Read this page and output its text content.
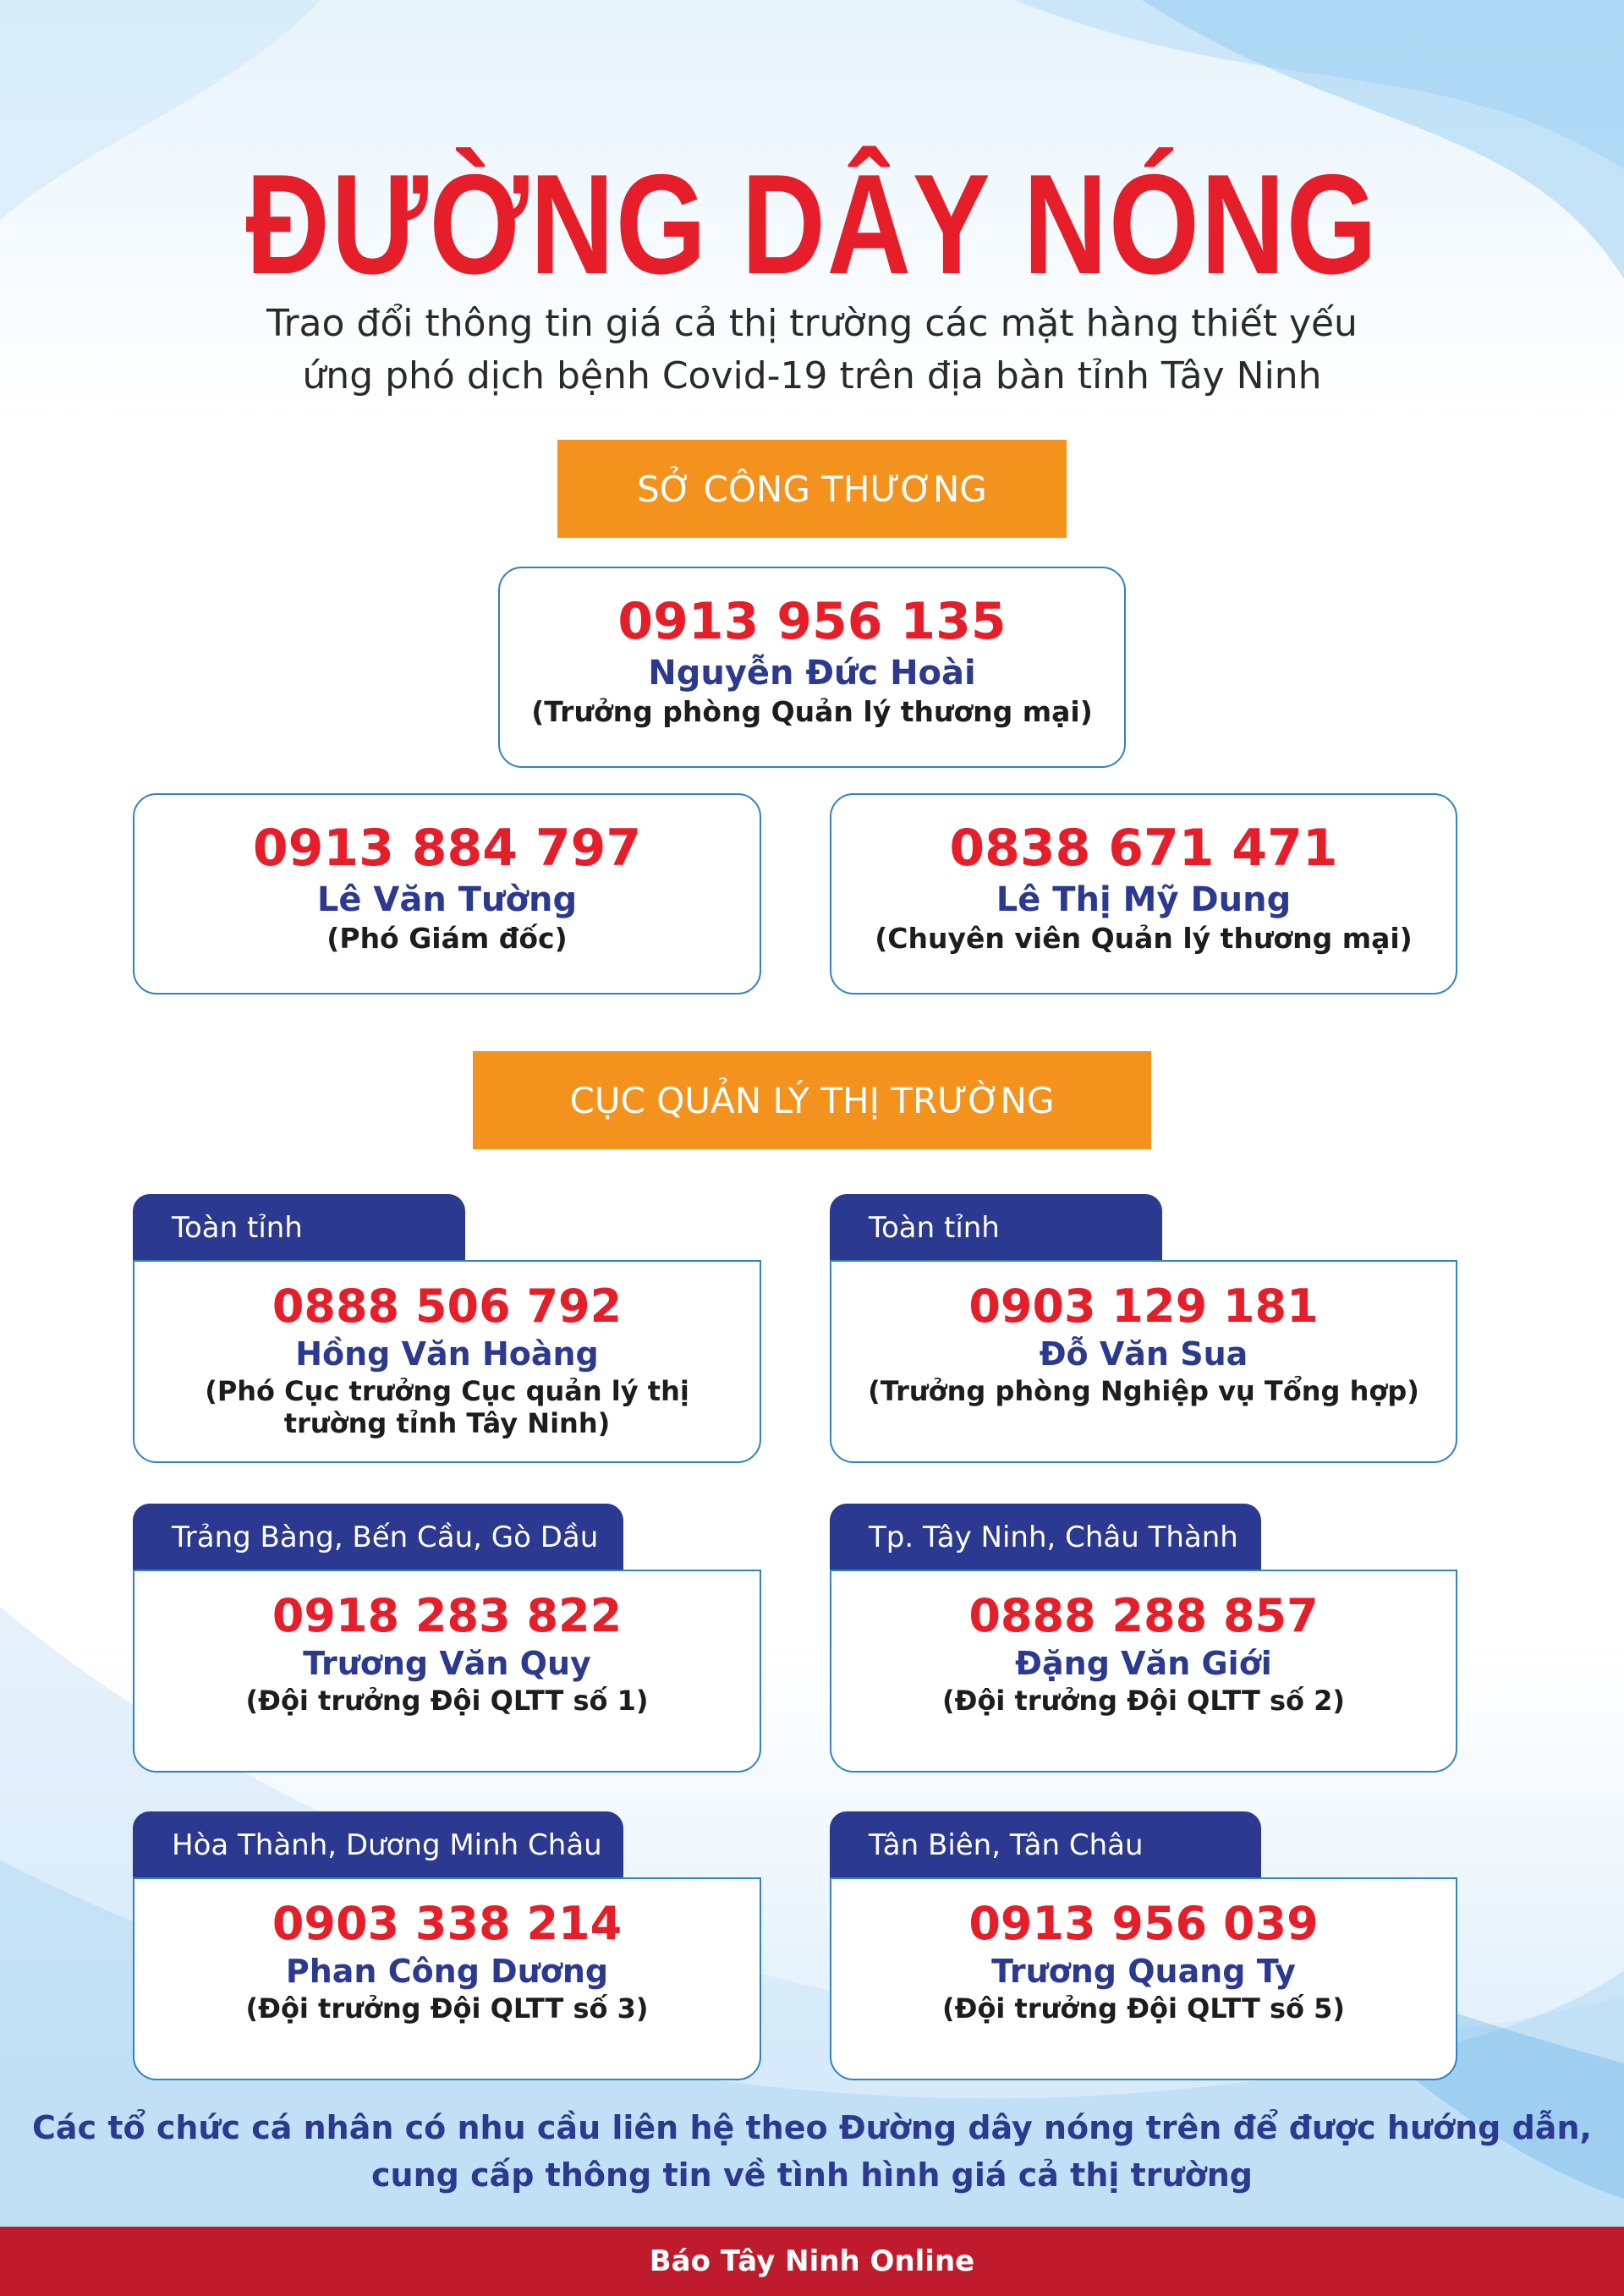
ĐƯỜNG DÂY NÓNG
Trao đổi thông tin giá cả thị trường các mặt hàng thiết yếu
ứng phó dịch bệnh Covid-19 trên địa bàn tỉnh Tây Ninh
SỞ CÔNG THƯƠNG
0913 956 135
Nguyễn Đức Hoài
(Trưởng phòng Quản lý thương mại)
0913 884 797
Lê Văn Tường
(Phó Giám đốc)
0838 671 471
Lê Thị Mỹ Dung
(Chuyên viên Quản lý thương mại)
CỤC QUẢN LÝ THỊ TRƯỜNG
Toàn tỉnh
0888 506 792
Hồng Văn Hoàng
(Phó Cục trưởng Cục quản lý thị trường tỉnh Tây Ninh)
Toàn tỉnh
0903 129 181
Đỗ Văn Sua
(Trưởng phòng Nghiệp vụ Tổng hợp)
Trảng Bàng, Bến Cầu, Gò Dầu
0918 283 822
Trương Văn Quy
(Đội trưởng Đội QLTT số 1)
Tp. Tây Ninh, Châu Thành
0888 288 857
Đặng Văn Giới
(Đội trưởng Đội QLTT số 2)
Hòa Thành, Dương Minh Châu
0903 338 214
Phan Công Dương
(Đội trưởng Đội QLTT số 3)
Tân Biên, Tân Châu
0913 956 039
Trương Quang Ty
(Đội trưởng Đội QLTT số 5)
Các tổ chức cá nhân có nhu cầu liên hệ theo Đường dây nóng trên để được hướng dẫn,
cung cấp thông tin về tình hình giá cả thị trường
Báo Tây Ninh Online
